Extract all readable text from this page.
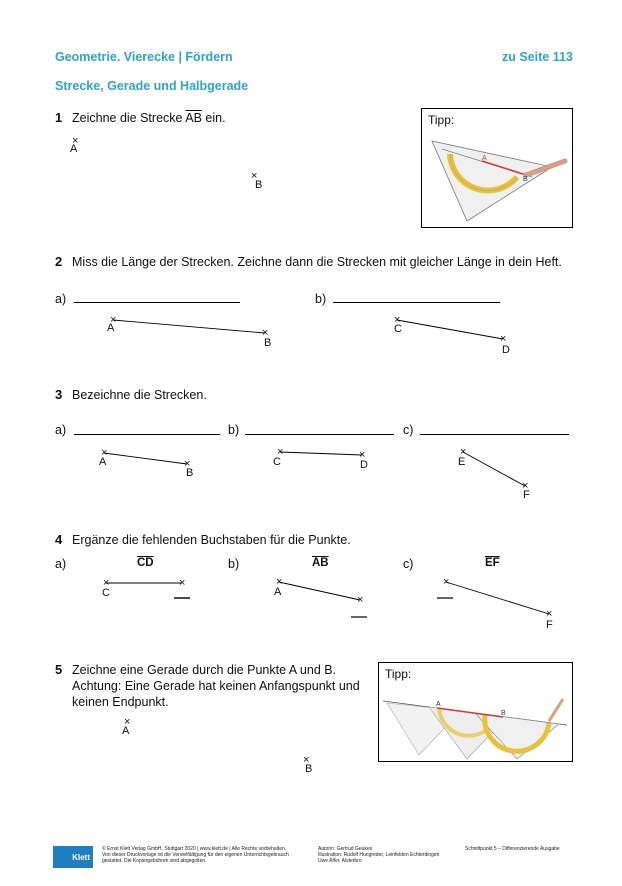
Geometrie. Vierecke | Fördern	zu Seite 113
Strecke, Gerade und Halbgerade
1 Zeichne die Strecke $\overline{AB}$ ein.
×
A
×
B
Tipp:
A
B
2 Miss die Länge der Strecken. Zeichne dann die Strecken mit gleicher Länge in dein Heft.
a)	b)
×
A	×
B
×
C
×
D
3 Bezeichne die Strecken.
a)	b)	c)
×
A	×
B
×
C
×
D
×
E
×
F
4 Ergänze die fehlenden Buchstaben für die Punkte.
a)	$\overline{CD}$	b)	$\overline{AB}$	c)	$\overline{EF}$
×
C
×	×
A
×
×
×
F
5 Zeichne eine Gerade durch die Punkte A und B.
Achtung: Eine Gerade hat keinen Anfangspunkt und
keinen Endpunkt.
×
A
×
B
Tipp:
A
B
Klett
© Ernst Klett Verlag GmbH, Stuttgart 2020 | www.klett.de | Alle Rechte vorbehalten.
Von dieser Druckvorlage ist die Vervielfältigung für den eigenen Unterrichtsgebrauch
gestattet. Die Kopiergebühren sind abgegolten.
Autorin: Gertrud Geukes
Illustration: Rudolf Hungreder, Leinfelden Echterdingen
Uwe Alfer, Alsterbro
Schnittpunkt 5 – Differenzierende Ausgabe
